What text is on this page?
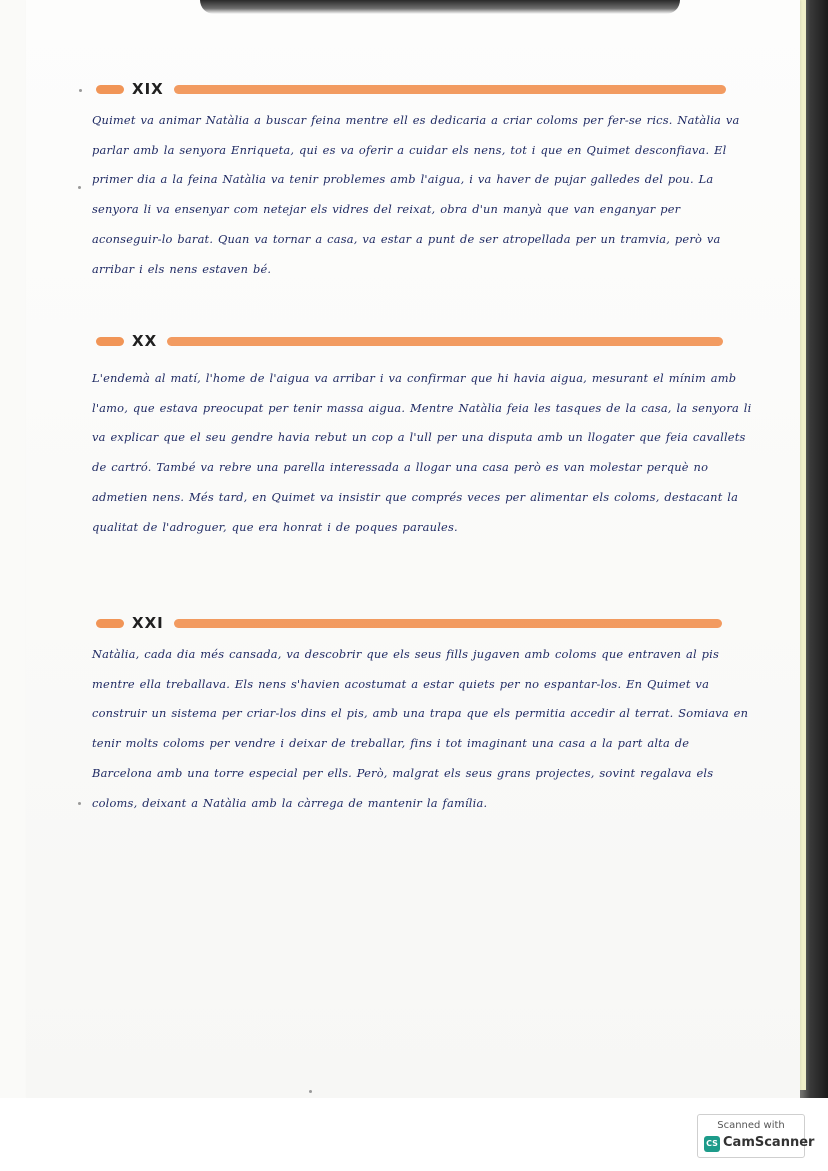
XIX

Quimet va animar Natàlia a buscar feina mentre ell es dedicaria a criar coloms per fer-se rics. Natàlia va parlar amb la senyora Enriqueta, qui es va oferir a cuidar els nens, tot i que en Quimet desconfiava. El primer dia a la feina Natàlia va tenir problemes amb l'aigua, i va haver de pujar galledes del pou. La senyora li va ensenyar com netejar els vidres del reixat, obra d'un manyà que van enganyar per aconseguir-lo barat. Quan va tornar a casa, va estar a punt de ser atropellada per un tramvia, però va arribar i els nens estaven bé.

XX

L'endemà al matí, l'home de l'aigua va arribar i va confirmar que hi havia aigua, mesurant el mínim amb l'amo, que estava preocupat per tenir massa aigua. Mentre Natàlia feia les tasques de la casa, la senyora li va explicar que el seu gendre havia rebut un cop a l'ull per una disputa amb un llogater que feia cavallets de cartró. També va rebre una parella interessada a llogar una casa però es van molestar perquè no admetien nens. Més tard, en Quimet va insistir que comprés veces per alimentar els coloms, destacant la qualitat de l'adroguer, que era honrat i de poques paraules.

XXI

Natàlia, cada dia més cansada, va descobrir que els seus fills jugaven amb coloms que entraven al pis mentre ella treballava. Els nens s'havien acostumat a estar quiets per no espantar-los. En Quimet va construir un sistema per criar-los dins el pis, amb una trapa que els permitia accedir al terrat. Somiava en tenir molts coloms per vendre i deixar de treballar, fins i tot imaginant una casa a la part alta de Barcelona amb una torre especial per ells. Però, malgrat els seus grans projectes, sovint regalava els coloms, deixant a Natàlia amb la càrrega de mantenir la família.

Scanned with
CS CamScanner
